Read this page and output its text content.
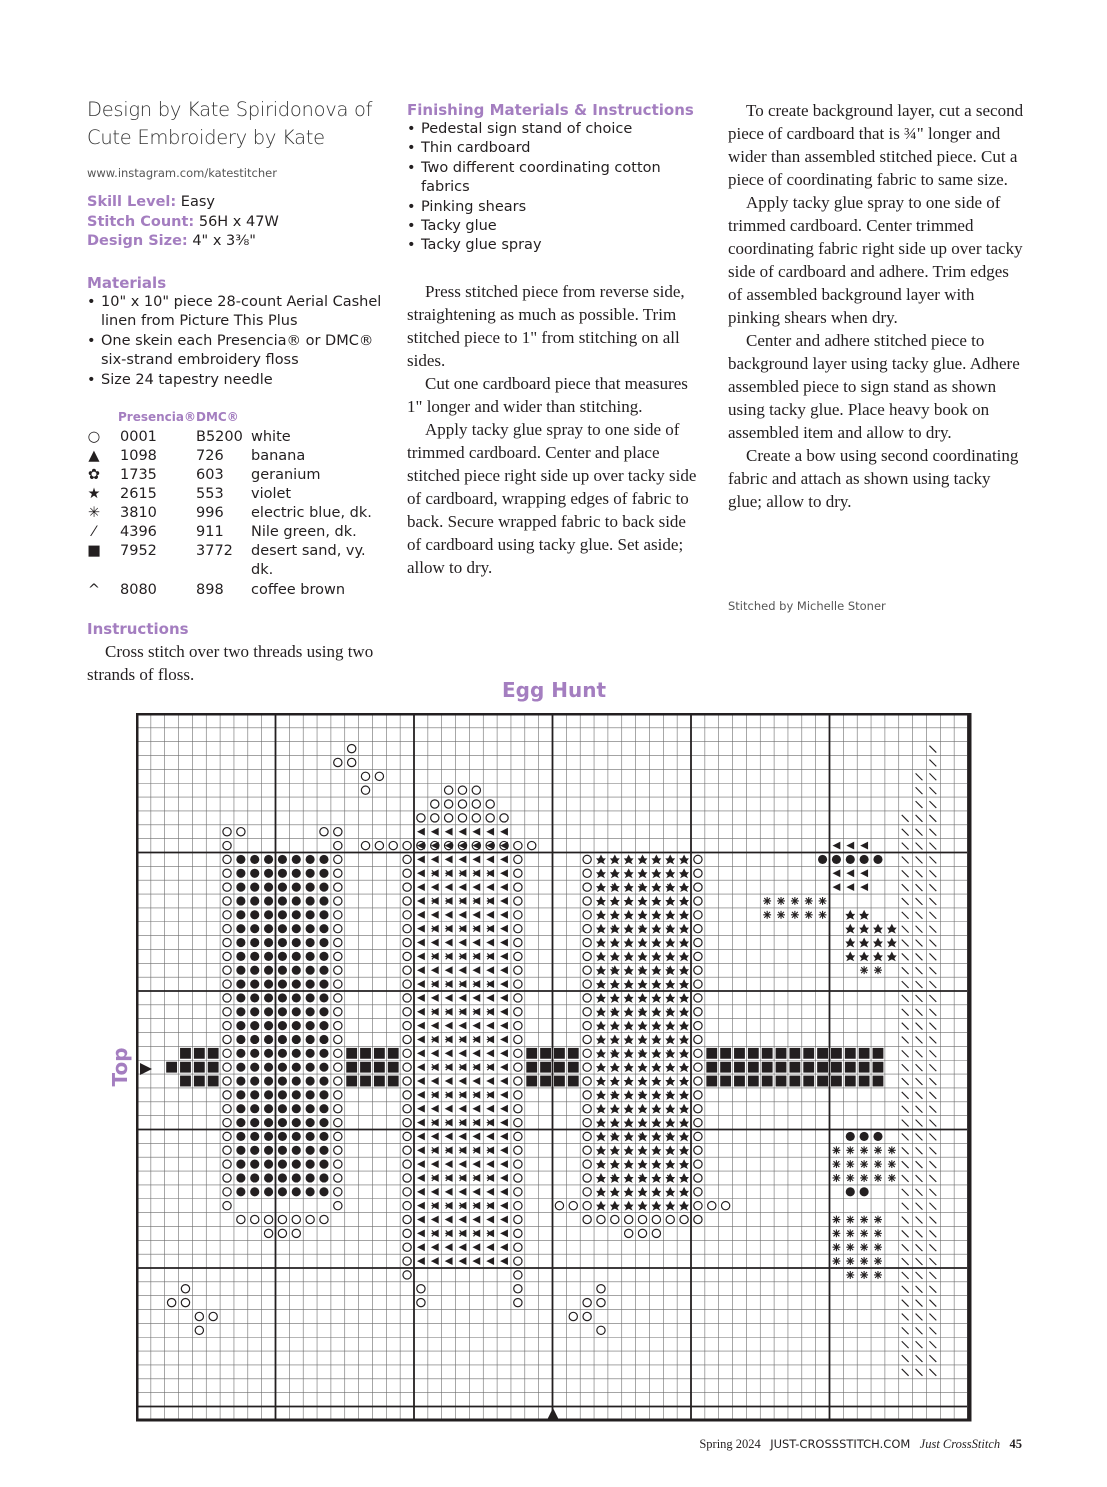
Design by Kate Spiridonova of
Cute Embroidery by Kate
www.instagram.com/katestitcher
Skill Level: Easy
Stitch Count: 56H x 47W
Design Size: 4" x 3⅜"
Materials
• 10" x 10" piece 28-count Aerial Cashel linen from Picture This Plus
• One skein each Presencia® or DMC® six-strand embroidery floss
• Size 24 tapestry needle
Presencia® DMC®
○ 0001	B5200 white
▲ 1098	726 banana
✿ 1735	603 geranium
★ 2615	553 violet
✳ 3810	996 electric blue, dk.
⁄	4396	911 Nile green, dk.
■ 7952	3772 desert sand, vy.
dk.
^ 8080	898 coffee brown
Instructions

Cross stitch over two threads using two strands of floss.

Finishing Materials & Instructions
• Pedestal sign stand of choice
• Thin cardboard
• Two different coordinating cotton fabrics
• Pinking shears
• Tacky glue
• Tacky glue spray

Press stitched piece from reverse side, straightening as much as possible. Trim stitched piece to 1" from stitching on all sides.

Cut one cardboard piece that measures 1" longer and wider than stitching.

Apply tacky glue spray to one side of trimmed cardboard. Center and place stitched piece right side up over tacky side of cardboard, wrapping edges of fabric to back. Secure wrapped fabric to back side of cardboard using tacky glue. Set aside; allow to dry.

To create background layer, cut a second piece of cardboard that is ¾" longer and wider than assembled stitched piece. Cut a piece of coordinating fabric to same size.

Apply tacky glue spray to one side of trimmed cardboard. Center trimmed coordinating fabric right side up over tacky side of cardboard and adhere. Trim edges of assembled background layer with pinking shears when dry.

Center and adhere stitched piece to background layer using tacky glue. Adhere assembled piece to sign stand as shown using tacky glue. Place heavy book on assembled item and allow to dry.

Create a bow using second coordinating fabric and attach as shown using tacky glue; allow to dry.

Stitched by Michelle Stoner
Egg Hunt
Top
Spring 2024 JUST-CROSSSTITCH.COM Just CrossStitch 45
